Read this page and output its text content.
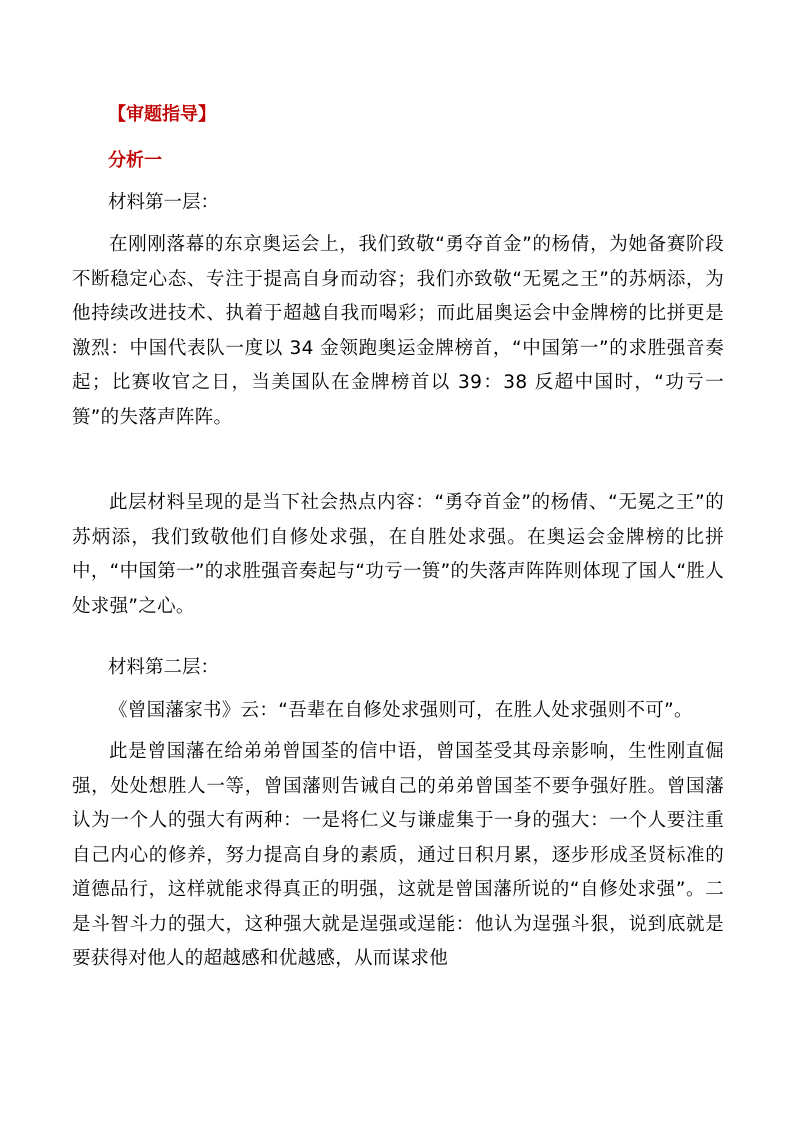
【审题指导】
分析一
材料第一层：
在刚刚落幕的东京奥运会上，我们致敬“勇夺首金”的杨倩，为她备赛阶段不断稳定心态、专注于提高自身而动容；我们亦致敬“无冕之王”的苏炳添，为他持续改进技术、执着于超越自我而喝彩；而此届奥运会中金牌榜的比拼更是激烈：中国代表队一度以 34 金领跑奥运金牌榜首，“中国第一”的求胜强音奏起；比赛收官之日，当美国队在金牌榜首以 39：38 反超中国时，“功亏一篑”的失落声阵阵。
此层材料呈现的是当下社会热点内容：“勇夺首金”的杨倩、“无冕之王”的苏炳添，我们致敬他们自修处求强，在自胜处求强。在奥运会金牌榜的比拼中，“中国第一”的求胜强音奏起与“功亏一篑”的失落声阵阵则体现了国人“胜人处求强”之心。
材料第二层：
《曾国藩家书》云：“吾辈在自修处求强则可，在胜人处求强则不可”。
此是曾国藩在给弟弟曾国荃的信中语，曾国荃受其母亲影响，生性刚直倔强，处处想胜人一等，曾国藩则告诫自己的弟弟曾国荃不要争强好胜。曾国藩认为一个人的强大有两种：一是将仁义与谦虚集于一身的强大：一个人要注重自己内心的修养，努力提高自身的素质，通过日积月累，逐步形成圣贤标准的道德品行，这样就能求得真正的明强，这就是曾国藩所说的“自修处求强”。二是斗智斗力的强大，这种强大就是逞强或逞能：他认为逞强斗狠，说到底就是要获得对他人的超越感和优越感，从而谋求他
